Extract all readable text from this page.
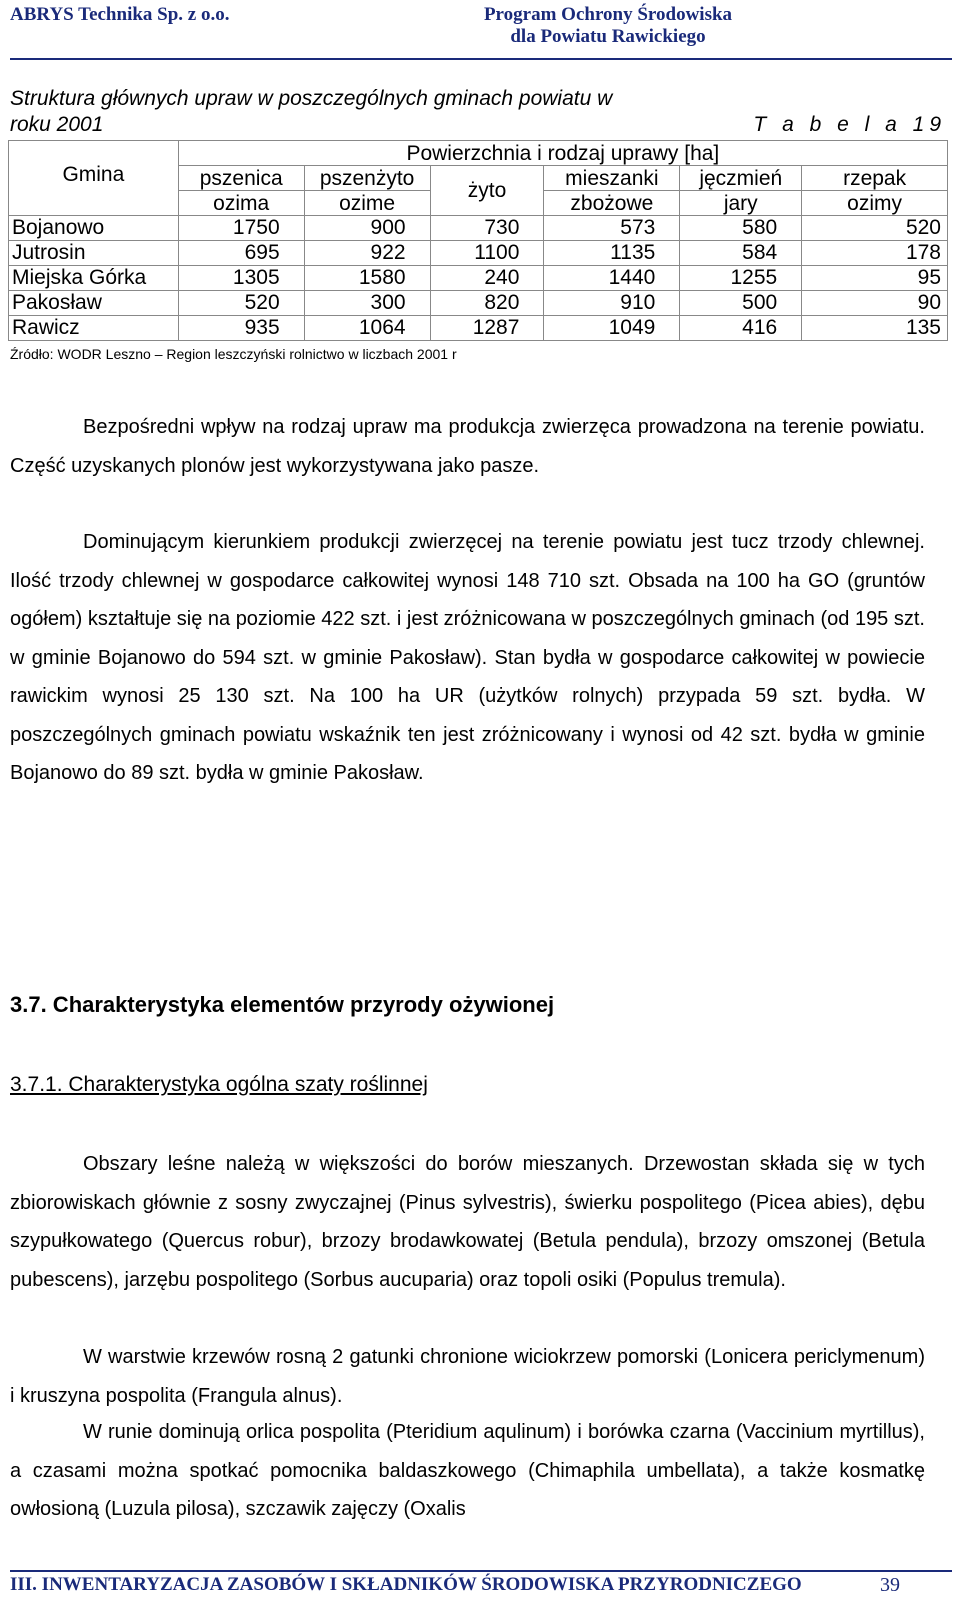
ABRYS Technika Sp. z o.o.	Program Ochrony Środowiska
dla Powiatu Rawickiego
Struktura głównych upraw w poszczególnych gminach powiatu w
roku 2001	T a b e l a 19
Gmina	Powierzchnia i rodzaj uprawy [ha]					
	pszenica	pszenżyto	żyto	mieszanki	jęczmień	rzepak
	ozima	ozime		zbożowe	jary	ozimy
Bojanowo	1750	900	730	573	580	520
Jutrosin	695	922	1100	1135	584	178
Miejska Górka	1305	1580	240	1440	1255	95
Pakosław	520	300	820	910	500	90
Rawicz	935	1064	1287	1049	416	135
Źródło: WODR Leszno – Region leszczyński rolnictwo w liczbach 2001 r

Bezpośredni wpływ na rodzaj upraw ma produkcja zwierzęca prowadzona na terenie powiatu. Część uzyskanych plonów jest wykorzystywana jako pasze.

Dominującym kierunkiem produkcji zwierzęcej na terenie powiatu jest tucz trzody chlewnej. Ilość trzody chlewnej w gospodarce całkowitej wynosi 148 710 szt. Obsada na 100 ha GO (gruntów ogółem) kształtuje się na poziomie 422 szt. i jest zróżnicowana w poszczególnych gminach (od 195 szt. w gminie Bojanowo do 594 szt. w gminie Pakosław). Stan bydła w gospodarce całkowitej w powiecie rawickim wynosi 25 130 szt. Na 100 ha UR (użytków rolnych) przypada 59 szt. bydła. W poszczególnych gminach powiatu wskaźnik ten jest zróżnicowany i wynosi od 42 szt. bydła w gminie Bojanowo do 89 szt. bydła w gminie Pakosław.

3.7. Charakterystyka elementów przyrody ożywionej
3.7.1. Charakterystyka ogólna szaty roślinnej

Obszary leśne należą w większości do borów mieszanych. Drzewostan składa się w tych zbiorowiskach głównie z sosny zwyczajnej (Pinus sylvestris), świerku pospolitego (Picea abies), dębu szypułkowatego (Quercus robur), brzozy brodawkowatej (Betula pendula), brzozy omszonej (Betula pubescens), jarzębu pospolitego (Sorbus aucuparia) oraz topoli osiki (Populus tremula).

W warstwie krzewów rosną 2 gatunki chronione wiciokrzew pomorski (Lonicera periclymenum) i kruszyna pospolita (Frangula alnus).

W runie dominują orlica pospolita (Pteridium aqulinum) i borówka czarna (Vaccinium myrtillus), a czasami można spotkać pomocnika baldaszkowego (Chimaphila umbellata), a także kosmatkę owłosioną (Luzula pilosa), szczawik zajęczy (Oxalis

III. INWENTARYZACJA ZASOBÓW I SKŁADNIKÓW ŚRODOWISKA PRZYRODNICZEGO	39
